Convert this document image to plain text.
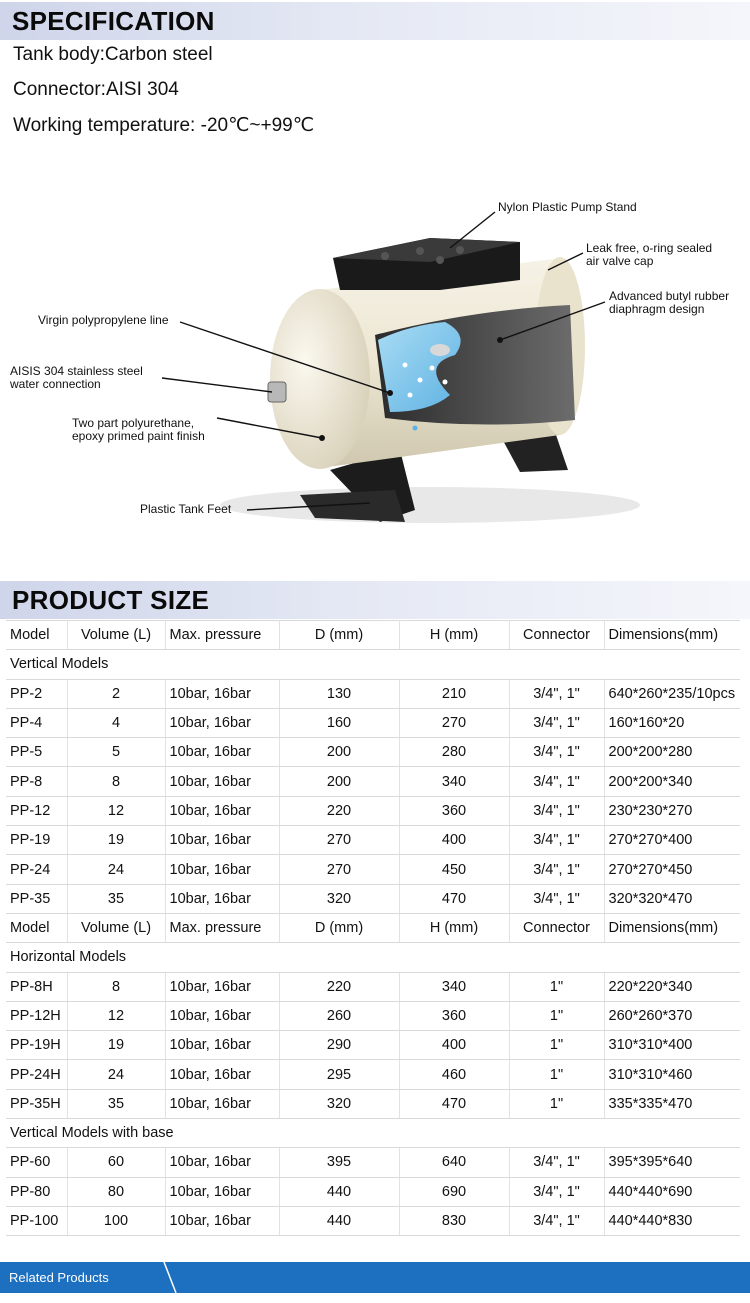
SPECIFICATION
Tank body:Carbon steel
Connector:AISI 304
Working temperature: -20℃~+99℃
Nylon Plastic Pump Stand
Leak free, o-ring sealed
air valve cap
Advanced butyl rubber
diaphragm design
Virgin polypropylene line
AISIS 304 stainless steel
water connection
Two part polyurethane,
epoxy primed paint finish
Plastic Tank Feet
PRODUCT SIZE
Model	Volume (L)	Max. pressure	D (mm)	H (mm)	Connector	Dimensions(mm)
Vertical Models						
PP-2	2	10bar, 16bar	130	210	3/4", 1"	640*260*235/10pcs
PP-4	4	10bar, 16bar	160	270	3/4", 1"	160*160*20
PP-5	5	10bar, 16bar	200	280	3/4", 1"	200*200*280
PP-8	8	10bar, 16bar	200	340	3/4", 1"	200*200*340
PP-12	12	10bar, 16bar	220	360	3/4", 1"	230*230*270
PP-19	19	10bar, 16bar	270	400	3/4", 1"	270*270*400
PP-24	24	10bar, 16bar	270	450	3/4", 1"	270*270*450
PP-35	35	10bar, 16bar	320	470	3/4", 1"	320*320*470
Model	Volume (L)	Max. pressure	D (mm)	H (mm)	Connector	Dimensions(mm)
Horizontal Models						
PP-8H	8	10bar, 16bar	220	340	1"	220*220*340
PP-12H	12	10bar, 16bar	260	360	1"	260*260*370
PP-19H	19	10bar, 16bar	290	400	1"	310*310*400
PP-24H	24	10bar, 16bar	295	460	1"	310*310*460
PP-35H	35	10bar, 16bar	320	470	1"	335*335*470
Vertical Models with base						
PP-60	60	10bar, 16bar	395	640	3/4", 1"	395*395*640
PP-80	80	10bar, 16bar	440	690	3/4", 1"	440*440*690
PP-100	100	10bar, 16bar	440	830	3/4", 1"	440*440*830
Related Products
